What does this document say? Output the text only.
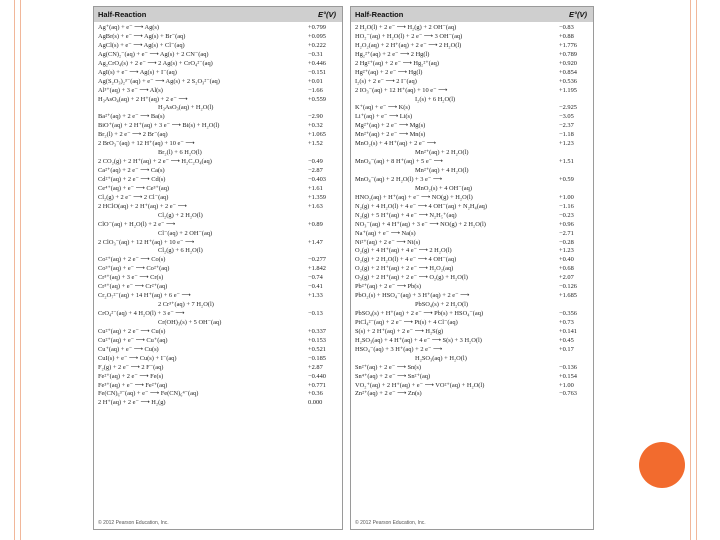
Half-Reaction	E°(V)
Ag⁺(aq) + e⁻ ⟶ Ag(s)	+0.799
AgBr(s) + e⁻ ⟶ Ag(s) + Br⁻(aq)	+0.095
AgCl(s) + e⁻ ⟶ Ag(s) + Cl⁻(aq)	+0.222
Ag(CN)₂⁻(aq) + e⁻ ⟶ Ag(s) + 2 CN⁻(aq)	−0.31
Ag₂CrO₄(s) + 2 e⁻ ⟶ 2 Ag(s) + CrO₄²⁻(aq)	+0.446
AgI(s) + e⁻ ⟶ Ag(s) + I⁻(aq)	−0.151
Ag(S₂O₃)₂³⁻(aq) + e⁻ ⟶ Ag(s) + 2 S₂O₃²⁻(aq)	+0.01
Al³⁺(aq) + 3 e⁻ ⟶ Al(s)	−1.66
H₃AsO₄(aq) + 2 H⁺(aq) + 2 e⁻ ⟶	+0.559
H₃AsO₃(aq) + H₂O(l)
Ba²⁺(aq) + 2 e⁻ ⟶ Ba(s)	−2.90
BiO⁺(aq) + 2 H⁺(aq) + 3 e⁻ ⟶ Bi(s) + H₂O(l)	+0.32
Br₂(l) + 2 e⁻ ⟶ 2 Br⁻(aq)	+1.065
2 BrO₃⁻(aq) + 12 H⁺(aq) + 10 e⁻ ⟶	+1.52
Br₂(l) + 6 H₂O(l)
2 CO₂(g) + 2 H⁺(aq) + 2 e⁻ ⟶ H₂C₂O₄(aq)	−0.49
Ca²⁺(aq) + 2 e⁻ ⟶ Ca(s)	−2.87
Cd²⁺(aq) + 2 e⁻ ⟶ Cd(s)	−0.403
Ce⁴⁺(aq) + e⁻ ⟶ Ce³⁺(aq)	+1.61
Cl₂(g) + 2 e⁻ ⟶ 2 Cl⁻(aq)	+1.359
2 HClO(aq) + 2 H⁺(aq) + 2 e⁻ ⟶	+1.63
Cl₂(g) + 2 H₂O(l)
ClO⁻(aq) + H₂O(l) + 2 e⁻ ⟶	+0.89
Cl⁻(aq) + 2 OH⁻(aq)
2 ClO₃⁻(aq) + 12 H⁺(aq) + 10 e⁻ ⟶	+1.47
Cl₂(g) + 6 H₂O(l)
Co²⁺(aq) + 2 e⁻ ⟶ Co(s)	−0.277
Co³⁺(aq) + e⁻ ⟶ Co²⁺(aq)	+1.842
Cr³⁺(aq) + 3 e⁻ ⟶ Cr(s)	−0.74
Cr³⁺(aq) + e⁻ ⟶ Cr²⁺(aq)	−0.41
Cr₂O₇²⁻(aq) + 14 H⁺(aq) + 6 e⁻ ⟶	+1.33
2 Cr³⁺(aq) + 7 H₂O(l)
CrO₄²⁻(aq) + 4 H₂O(l) + 3 e⁻ ⟶	−0.13
Cr(OH)₃(s) + 5 OH⁻(aq)
Cu²⁺(aq) + 2 e⁻ ⟶ Cu(s)	+0.337
Cu²⁺(aq) + e⁻ ⟶ Cu⁺(aq)	+0.153
Cu⁺(aq) + e⁻ ⟶ Cu(s)	+0.521
CuI(s) + e⁻ ⟶ Cu(s) + I⁻(aq)	−0.185
F₂(g) + 2 e⁻ ⟶ 2 F⁻(aq)	+2.87
Fe²⁺(aq) + 2 e⁻ ⟶ Fe(s)	−0.440
Fe³⁺(aq) + e⁻ ⟶ Fe²⁺(aq)	+0.771
Fe(CN)₆³⁻(aq) + e⁻ ⟶ Fe(CN)₆⁴⁻(aq)	+0.36
2 H⁺(aq) + 2 e⁻ ⟶ H₂(g)	0.000
© 2012 Pearson Education, Inc.
Half-Reaction	E°(V)
2 H₂O(l) + 2 e⁻ ⟶ H₂(g) + 2 OH⁻(aq)	−0.83
HO₂⁻(aq) + H₂O(l) + 2 e⁻ ⟶ 3 OH⁻(aq)	+0.88
H₂O₂(aq) + 2 H⁺(aq) + 2 e⁻ ⟶ 2 H₂O(l)	+1.776
Hg₂²⁺(aq) + 2 e⁻ ⟶ 2 Hg(l)	+0.789
2 Hg²⁺(aq) + 2 e⁻ ⟶ Hg₂²⁺(aq)	+0.920
Hg²⁺(aq) + 2 e⁻ ⟶ Hg(l)	+0.854
I₂(s) + 2 e⁻ ⟶ 2 I⁻(aq)	+0.536
2 IO₃⁻(aq) + 12 H⁺(aq) + 10 e⁻ ⟶	+1.195
I₂(s) + 6 H₂O(l)
K⁺(aq) + e⁻ ⟶ K(s)	−2.925
Li⁺(aq) + e⁻ ⟶ Li(s)	−3.05
Mg²⁺(aq) + 2 e⁻ ⟶ Mg(s)	−2.37
Mn²⁺(aq) + 2 e⁻ ⟶ Mn(s)	−1.18
MnO₂(s) + 4 H⁺(aq) + 2 e⁻ ⟶	+1.23
Mn²⁺(aq) + 2 H₂O(l)
MnO₄⁻(aq) + 8 H⁺(aq) + 5 e⁻ ⟶	+1.51
Mn²⁺(aq) + 4 H₂O(l)
MnO₄⁻(aq) + 2 H₂O(l) + 3 e⁻ ⟶	+0.59
MnO₂(s) + 4 OH⁻(aq)
HNO₂(aq) + H⁺(aq) + e⁻ ⟶ NO(g) + H₂O(l)	+1.00
N₂(g) + 4 H₂O(l) + 4 e⁻ ⟶ 4 OH⁻(aq) + N₂H₄(aq)	−1.16
N₂(g) + 5 H⁺(aq) + 4 e⁻ ⟶ N₂H₅⁺(aq)	−0.23
NO₃⁻(aq) + 4 H⁺(aq) + 3 e⁻ ⟶ NO(g) + 2 H₂O(l)	+0.96
Na⁺(aq) + e⁻ ⟶ Na(s)	−2.71
Ni²⁺(aq) + 2 e⁻ ⟶ Ni(s)	−0.28
O₂(g) + 4 H⁺(aq) + 4 e⁻ ⟶ 2 H₂O(l)	+1.23
O₂(g) + 2 H₂O(l) + 4 e⁻ ⟶ 4 OH⁻(aq)	+0.40
O₂(g) + 2 H⁺(aq) + 2 e⁻ ⟶ H₂O₂(aq)	+0.68
O₃(g) + 2 H⁺(aq) + 2 e⁻ ⟶ O₂(g) + H₂O(l)	+2.07
Pb²⁺(aq) + 2 e⁻ ⟶ Pb(s)	−0.126
PbO₂(s) + HSO₄⁻(aq) + 3 H⁺(aq) + 2 e⁻ ⟶	+1.685
PbSO₄(s) + 2 H₂O(l)
PbSO₄(s) + H⁺(aq) + 2 e⁻ ⟶ Pb(s) + HSO₄⁻(aq)	−0.356
PtCl₄²⁻(aq) + 2 e⁻ ⟶ Pt(s) + 4 Cl⁻(aq)	+0.73
S(s) + 2 H⁺(aq) + 2 e⁻ ⟶ H₂S(g)	+0.141
H₂SO₃(aq) + 4 H⁺(aq) + 4 e⁻ ⟶ S(s) + 3 H₂O(l)	+0.45
HSO₄⁻(aq) + 3 H⁺(aq) + 2 e⁻ ⟶	+0.17
H₂SO₃(aq) + H₂O(l)
Sn²⁺(aq) + 2 e⁻ ⟶ Sn(s)	−0.136
Sn⁴⁺(aq) + 2 e⁻ ⟶ Sn²⁺(aq)	+0.154
VO₂⁺(aq) + 2 H⁺(aq) + e⁻ ⟶ VO²⁺(aq) + H₂O(l)	+1.00
Zn²⁺(aq) + 2 e⁻ ⟶ Zn(s)	−0.763
© 2012 Pearson Education, Inc.
